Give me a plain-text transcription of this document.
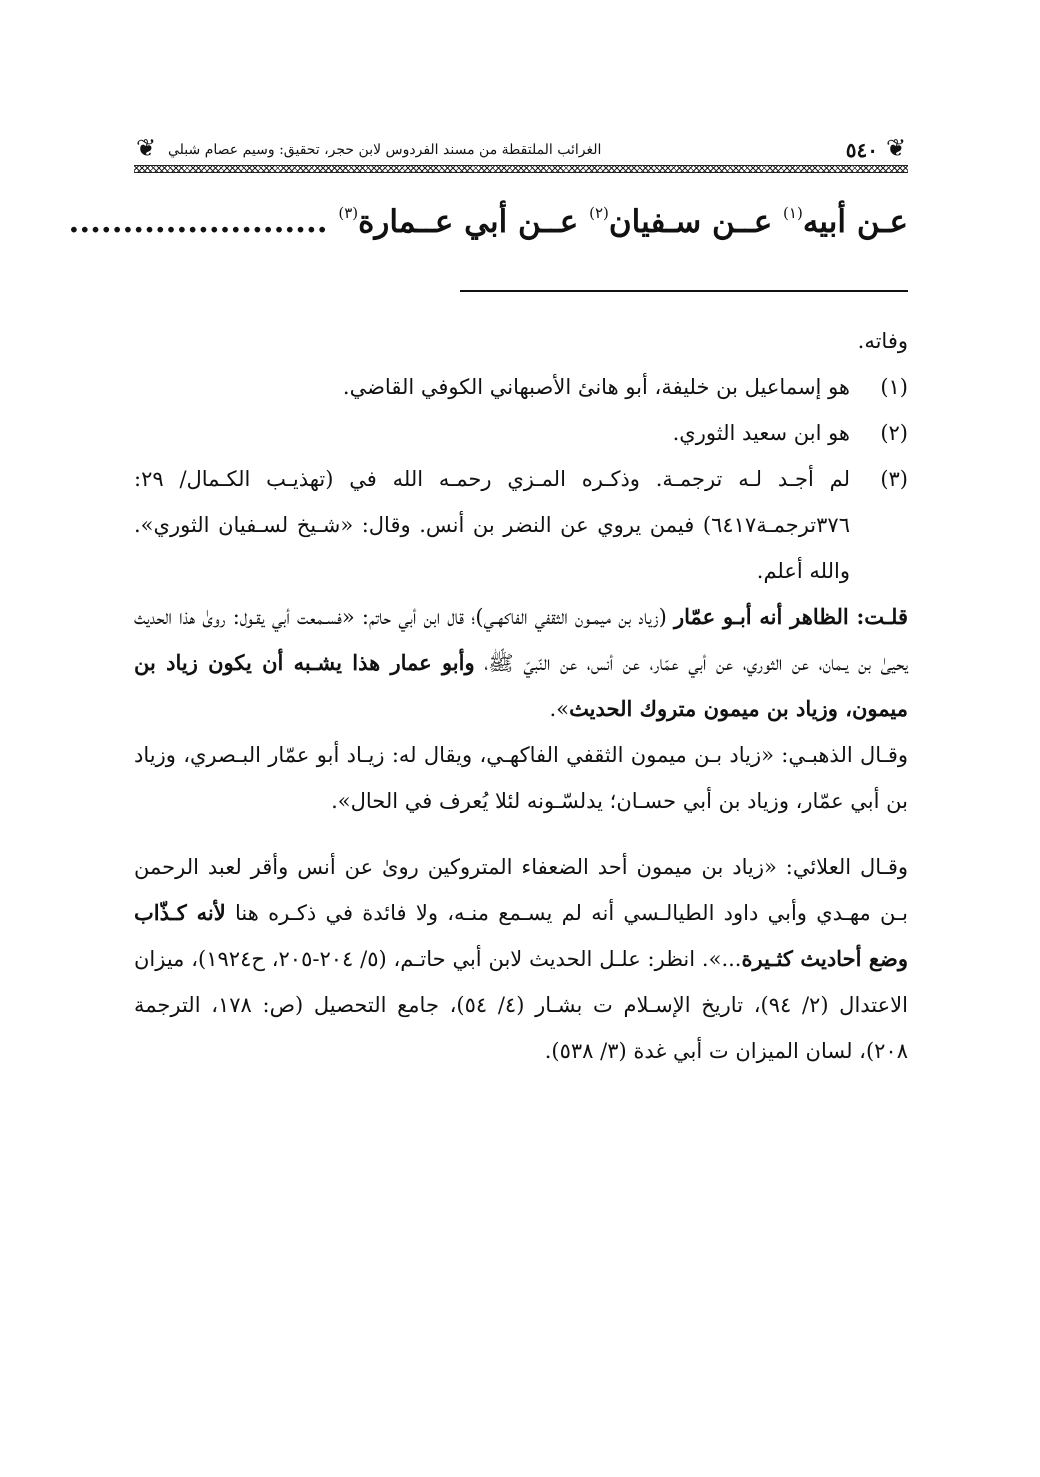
❦
٥٤٠
الغرائب الملتقطة من مسند الفردوس لابن حجر، تحقيق: وسيم عصام شبلي
❦
عـن أبيه$^{(١)}$ عــن سـفيان$^{(٢)}$ عــن أبي عــمارة$^{(٣)}$ ........................

وفاته.

(١)
هو إسماعيل بن خليفة، أبو هانئ الأصبهاني الكوفي القاضي.
(٢)
هو ابن سعيد الثوري.
(٣)
لم أجـد لـه ترجمـة. وذكـره المـزي رحمـه الله في (تهذيـب الكـمال/ ٢٩: ٣٧٦ترجمـة٦٤١٧) فيمن يروي عن النضر بن أنس. وقال: «شـيخ لسـفيان الثوري». والله أعلم.

قلـت: الظاهر أنه أبـو عمّار (زياد بن ميمـون الثقفي الفاكهـي)؛ قال ابن أبي حاتم: «فسـمعت أبي يقـول: روىٰ هذا الحديث يحيىٰ بن يـمان، عن الثوري، عن أبي عمّار، عن أنس، عن النّبيّ ﷺ، وأبو عمار هذا يشـبه أن يكون زياد بن ميمون، وزياد بن ميمون متروك الحديث».

وقـال الذهبـي: «زياد بـن ميمون الثقفي الفاكهـي، ويقال له: زيـاد أبو عمّار البـصري، وزياد بن أبي عمّار، وزياد بن أبي حسـان؛ يدلسّـونه لئلا يُعرف في الحال».

وقـال العلائي: «زياد بن ميمون أحد الضعفاء المتروكين روىٰ عن أنس وأقر لعبد الرحمن بـن مهـدي وأبي داود الطيالـسي أنه لم يسـمع منـه، ولا فائدة في ذكـره هنا لأنه كـذّاب وضع أحاديث كثـيرة...». انظر: علـل الحديث لابن أبي حاتـم، (٥/ ٢٠٤-٢٠٥، ح١٩٢٤)، ميزان الاعتدال (٢/ ٩٤)، تاريخ الإسـلام ت بشـار (٤/ ٥٤)، جامع التحصيل (ص: ١٧٨، الترجمة ٢٠٨)، لسان الميزان ت أبي غدة (٣/ ٥٣٨).
